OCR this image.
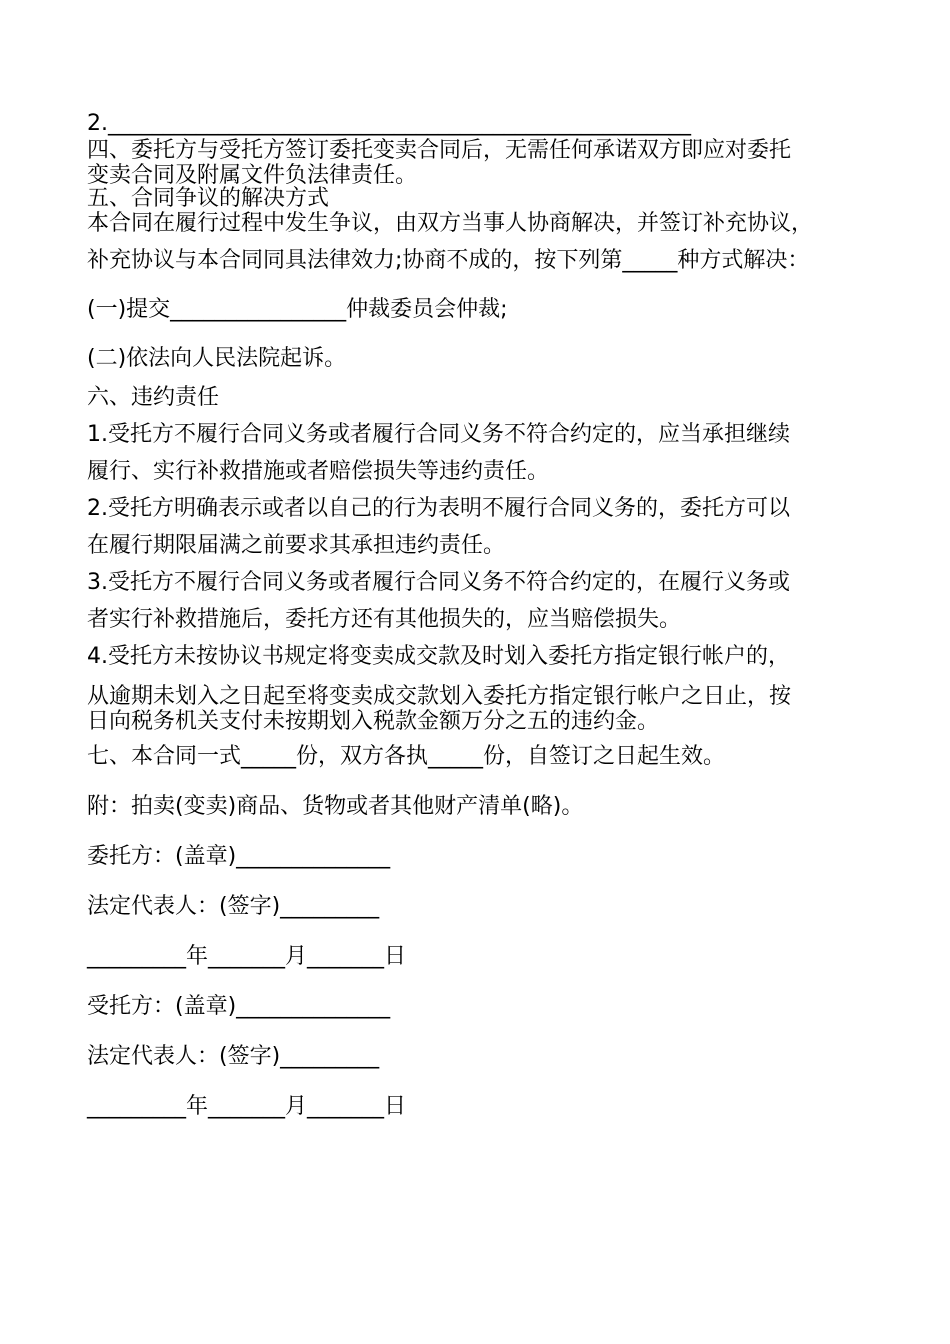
2._____________________________________________________
四、委托方与受托方签订委托变卖合同后，无需任何承诺双方即应对委托
变卖合同及附属文件负法律责任。
五、合同争议的解决方式
本合同在履行过程中发生争议，由双方当事人协商解决，并签订补充协议，
补充协议与本合同同具法律效力;协商不成的，按下列第_____种方式解决：
(一)提交________________仲裁委员会仲裁;
(二)依法向人民法院起诉。
六、违约责任
1.受托方不履行合同义务或者履行合同义务不符合约定的，应当承担继续
履行、实行补救措施或者赔偿损失等违约责任。
2.受托方明确表示或者以自己的行为表明不履行合同义务的，委托方可以
在履行期限届满之前要求其承担违约责任。
3.受托方不履行合同义务或者履行合同义务不符合约定的，在履行义务或
者实行补救措施后，委托方还有其他损失的，应当赔偿损失。
4.受托方未按协议书规定将变卖成交款及时划入委托方指定银行帐户的，
从逾期未划入之日起至将变卖成交款划入委托方指定银行帐户之日止，按
日向税务机关支付未按期划入税款金额万分之五的违约金。
七、本合同一式_____份，双方各执_____份，自签订之日起生效。
附：拍卖(变卖)商品、货物或者其他财产清单(略)。
委托方：(盖章)______________
法定代表人：(签字)_________
_________年_______月_______日
受托方：(盖章)______________
法定代表人：(签字)_________
_________年_______月_______日
